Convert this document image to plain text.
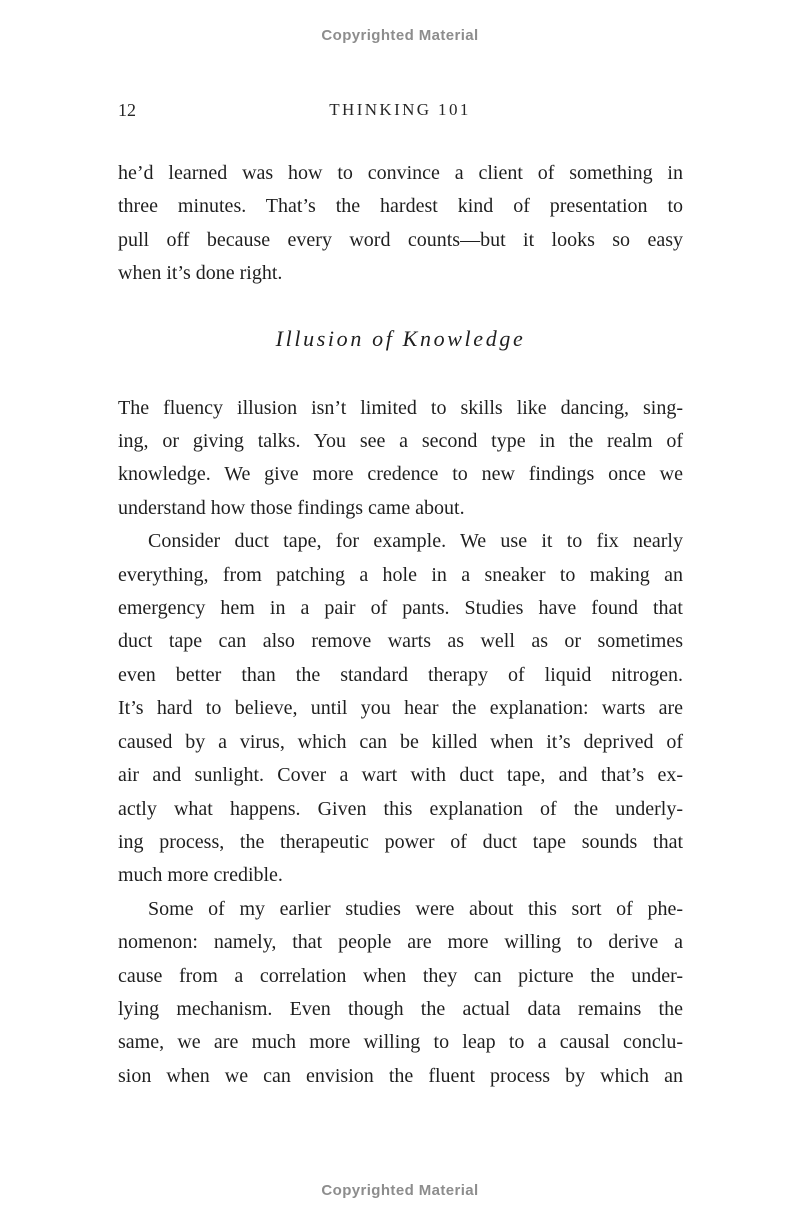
Copyrighted Material
12	THINKING 101
he’d learned was how to convince a client of something in
three minutes. That’s the hardest kind of presentation to
pull off because every word counts—but it looks so easy
when it’s done right.
Illusion of Knowledge
The fluency illusion isn’t limited to skills like dancing, sing-
ing, or giving talks. You see a second type in the realm of
knowledge. We give more credence to new findings once we
understand how those findings came about.
Consider duct tape, for example. We use it to fix nearly
everything, from patching a hole in a sneaker to making an
emergency hem in a pair of pants. Studies have found that
duct tape can also remove warts as well as or sometimes
even better than the standard therapy of liquid nitrogen.
It’s hard to believe, until you hear the explanation: warts are
caused by a virus, which can be killed when it’s deprived of
air and sunlight. Cover a wart with duct tape, and that’s ex-
actly what happens. Given this explanation of the underly-
ing process, the therapeutic power of duct tape sounds that
much more credible.
Some of my earlier studies were about this sort of phe-
nomenon: namely, that people are more willing to derive a
cause from a correlation when they can picture the under-
lying mechanism. Even though the actual data remains the
same, we are much more willing to leap to a causal conclu-
sion when we can envision the fluent process by which an
Copyrighted Material
